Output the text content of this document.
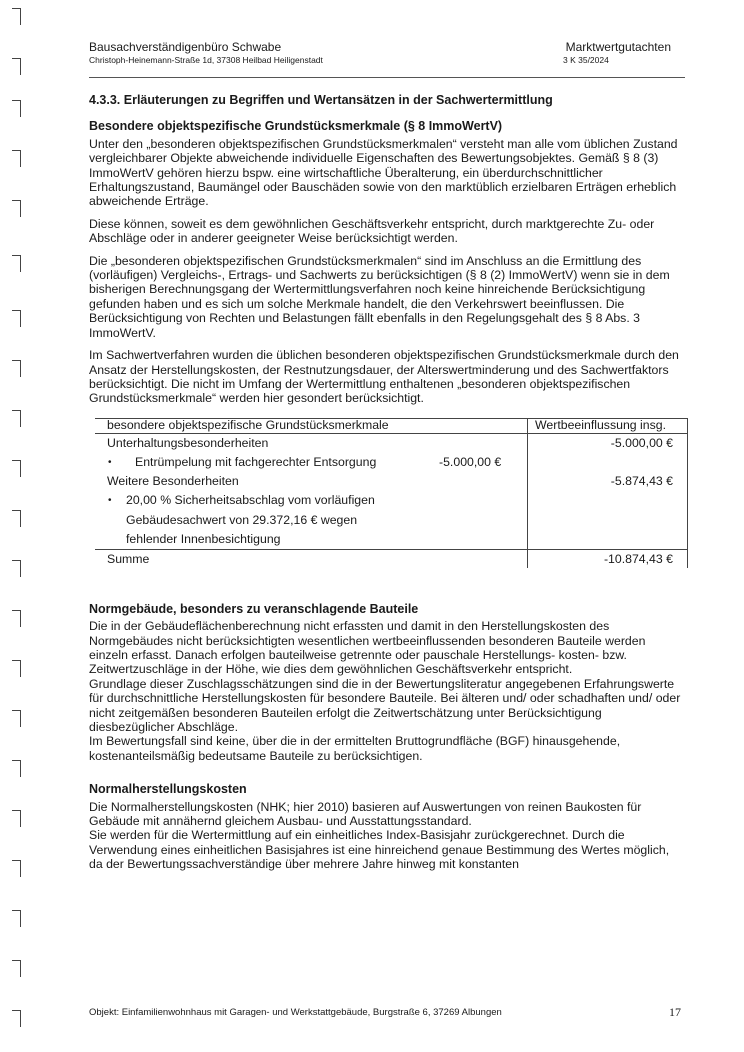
Bausachverständigenbüro Schwabe
Christoph-Heinemann-Straße 1d, 37308 Heilbad Heiligenstadt
Marktwertgutachten
3 K 35/2024
4.3.3. Erläuterungen zu Begriffen und Wertansätzen in der Sachwertermittlung
Besondere objektspezifische Grundstücksmerkmale (§ 8 ImmoWertV)

Unter den „besonderen objektspezifischen Grundstücksmerkmalen“ versteht man alle vom üblichen Zustand vergleichbarer Objekte abweichende individuelle Eigenschaften des Bewertungsobjektes. Gemäß § 8 (3) ImmoWertV gehören hierzu bspw. eine wirtschaftliche Überalterung, ein überdurchschnittlicher Erhaltungszustand, Baumängel oder Bauschäden sowie von den marktüblich erzielbaren Erträgen erheblich abweichende Erträge.

Diese können, soweit es dem gewöhnlichen Geschäftsverkehr entspricht, durch marktgerechte Zu- oder Abschläge oder in anderer geeigneter Weise berücksichtigt werden.

Die „besonderen objektspezifischen Grundstücksmerkmalen“ sind im Anschluss an die Ermittlung des (vorläufigen) Vergleichs-, Ertrags- und Sachwerts zu berücksichtigen (§ 8 (2) ImmoWertV) wenn sie in dem bisherigen Berechnungsgang der Wertermittlungsverfahren noch keine hinreichende Berücksichtigung gefunden haben und es sich um solche Merkmale handelt, die den Verkehrswert beeinflussen. Die Berücksichtigung von Rechten und Belastungen fällt ebenfalls in den Regelungsgehalt des § 8 Abs. 3 ImmoWertV.

Im Sachwertverfahren wurden die üblichen besonderen objektspezifischen Grundstücksmerkmale durch den Ansatz der Herstellungskosten, der Restnutzungsdauer, der Alterswertminderung und des Sachwertfaktors berücksichtigt. Die nicht im Umfang der Wertermittlung enthaltenen „besonderen objektspezifischen Grundstücksmerkmale“ werden hier gesondert berücksichtigt.

besondere objektspezifische Grundstücksmerkmale	Wertbeeinflussung insg.
Unterhaltungsbesonderheiten	-5.000,00 €
• Entrümpelung mit fachgerechter Entsorgung	-5.000,00 €
Weitere Besonderheiten	-5.874,43 €
• 20,00 % Sicherheitsabschlag vom vorläufigen
Gebäudesachwert von 29.372,16 € wegen
fehlender Innenbesichtigung
Summe	-10.874,43 €
Normgebäude, besonders zu veranschlagende Bauteile

Die in der Gebäudeflächenberechnung nicht erfassten und damit in den Herstellungskosten des Normgebäudes nicht berücksichtigten wesentlichen wertbeeinflussenden besonderen Bauteile werden einzeln erfasst. Danach erfolgen bauteilweise getrennte oder pauschale Herstellungs- kosten- bzw. Zeitwertzuschläge in der Höhe, wie dies dem gewöhnlichen Geschäftsverkehr entspricht.

Grundlage dieser Zuschlagsschätzungen sind die in der Bewertungsliteratur angegebenen Erfahrungswerte für durchschnittliche Herstellungskosten für besondere Bauteile. Bei älteren und/ oder schadhaften und/ oder nicht zeitgemäßen besonderen Bauteilen erfolgt die Zeitwertschätzung unter Berücksichtigung diesbezüglicher Abschläge.

Im Bewertungsfall sind keine, über die in der ermittelten Bruttogrundfläche (BGF) hinausgehende, kostenanteilsmäßig bedeutsame Bauteile zu berücksichtigen.

Normalherstellungskosten

Die Normalherstellungskosten (NHK; hier 2010) basieren auf Auswertungen von reinen Baukosten für Gebäude mit annähernd gleichem Ausbau- und Ausstattungsstandard.

Sie werden für die Wertermittlung auf ein einheitliches Index-Basisjahr zurückgerechnet. Durch die Verwendung eines einheitlichen Basisjahres ist eine hinreichend genaue Bestimmung des Wertes möglich, da der Bewertungssachverständige über mehrere Jahre hinweg mit konstanten

Objekt: Einfamilienwohnhaus mit Garagen- und Werkstattgebäude, Burgstraße 6, 37269 Albungen	17
